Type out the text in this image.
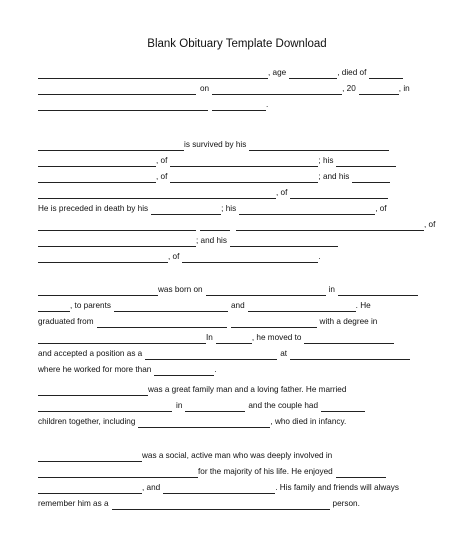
Blank Obituary Template Download
, age	, died of
on	, 20	, in
.
is survived by his
, of	; his
, of	; and his
, of
He is preceded in death by his	; his	, of
, of
; and his
, of	.
was born on	in
, to parents	and	. He
graduated from	with a degree in
In	, he moved to
and accepted a position as a	at
where he worked for more than	.
was a great family man and a loving father. He married
in	and the couple had
children together, including	, who died in infancy.
was a social, active man who was deeply involved in
for the majority of his life. He enjoyed
, and	. His family and friends will always
remember him as a	person.
